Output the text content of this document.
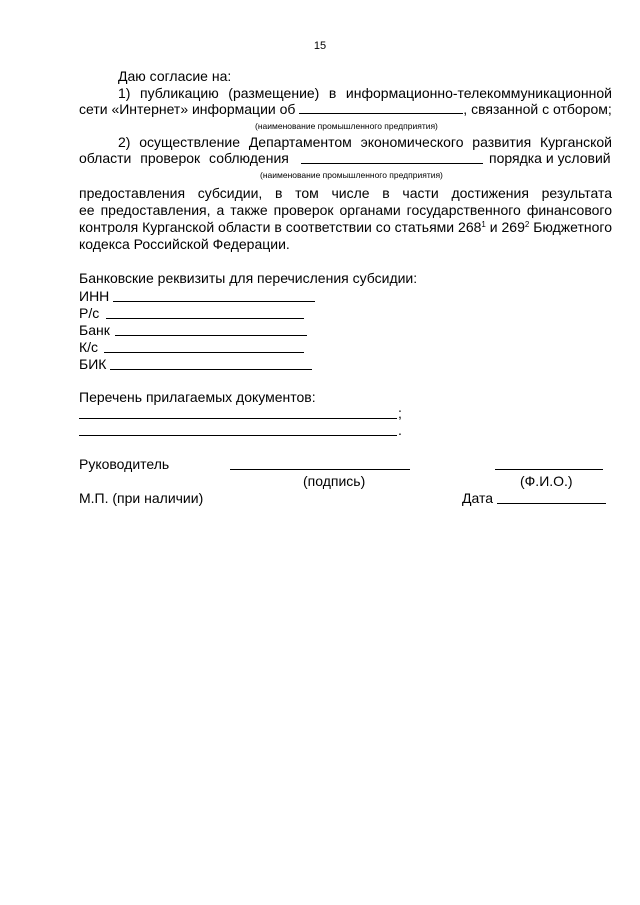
15
Даю согласие на:
1) публикацию (размещение) в информационно-телекоммуникационной
сети «Интернет» информации об	, связанной с отбором;
(наименование промышленного предприятия)
2) осуществление Департаментом экономического развития Курганской
области проверок соблюдения	порядка и условий
(наименование промышленного предприятия)
предоставления субсидии, в том числе в части достижения результата
ее предоставления, а также проверок органами государственного финансового
контроля Курганской области в соответствии со статьями $268^1$ и $269^2$ Бюджетного
кодекса Российской Федерации.
Банковские реквизиты для перечисления субсидии:
ИНН
Р/с
Банк
К/с
БИК
Перечень прилагаемых документов:
;
.
Руководитель
(подпись)	(Ф.И.О.)
М.П. (при наличии)	Дата
